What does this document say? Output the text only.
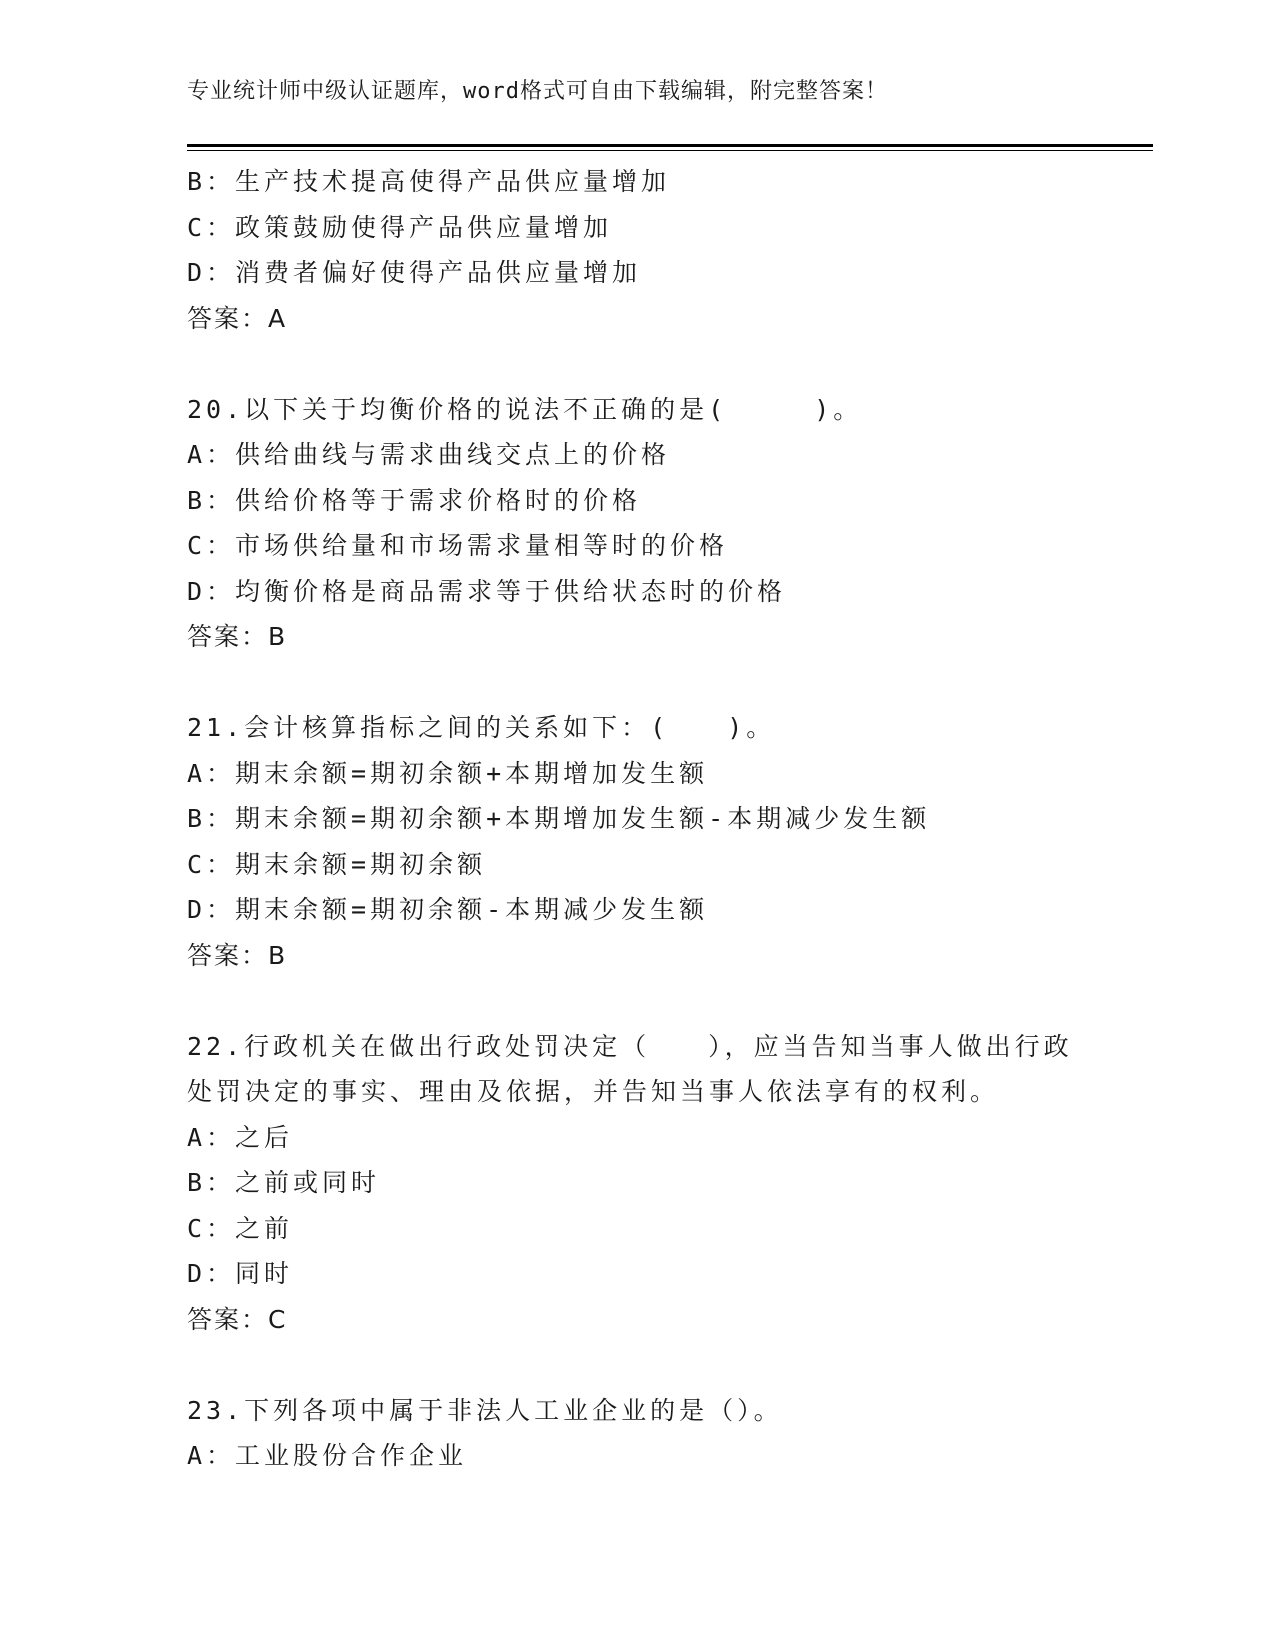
专业统计师中级认证题库，word格式可自由下载编辑，附完整答案！
B：生产技术提高使得产品供应量增加
C：政策鼓励使得产品供应量增加
D：消费者偏好使得产品供应量增加
答案：A
20.以下关于均衡价格的说法不正确的是(　　　)。
A：供给曲线与需求曲线交点上的价格
B：供给价格等于需求价格时的价格
C：市场供给量和市场需求量相等时的价格
D：均衡价格是商品需求等于供给状态时的价格
答案：B
21.会计核算指标之间的关系如下：(　　)。
A：期末余额=期初余额+本期增加发生额
B：期末余额=期初余额+本期增加发生额-本期减少发生额
C：期末余额=期初余额
D：期末余额=期初余额-本期减少发生额
答案：B
22.行政机关在做出行政处罚决定（　　），应当告知当事人做出行政
处罚决定的事实、理由及依据，并告知当事人依法享有的权利。
A：之后
B：之前或同时
C：之前
D：同时
答案：C
23.下列各项中属于非法人工业企业的是（）。
A：工业股份合作企业
